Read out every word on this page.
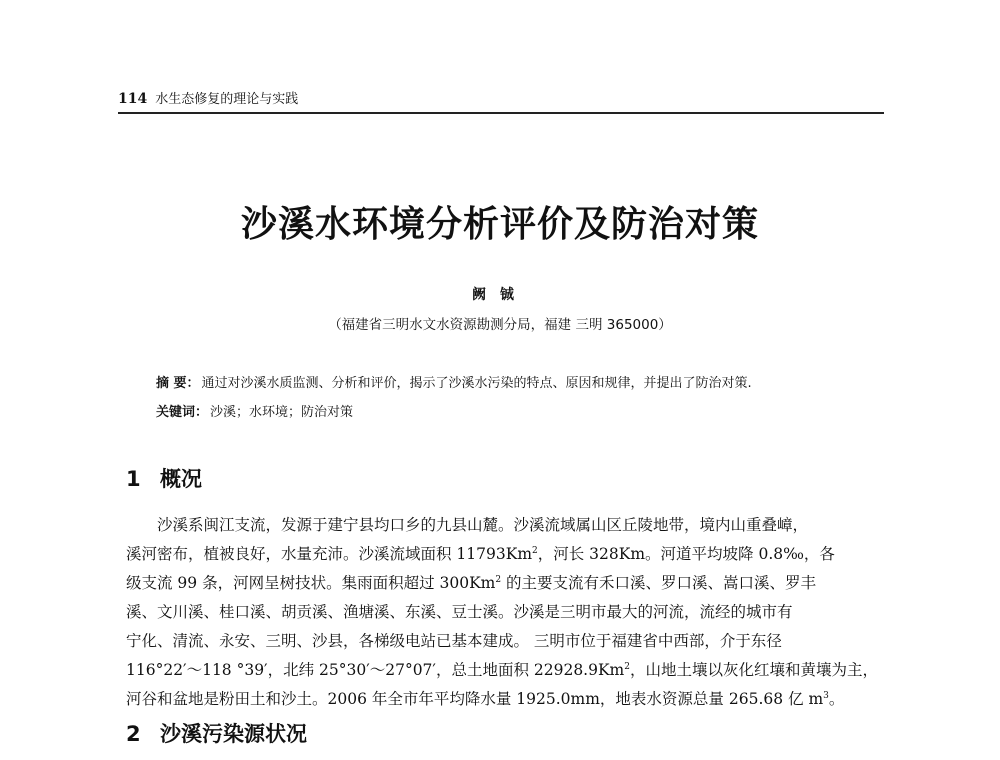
114 水生态修复的理论与实践
沙溪水环境分析评价及防治对策
阙铖
（福建省三明水文水资源勘测分局，福建 三明 365000）
摘 要： 通过对沙溪水质监测、分析和评价，揭示了沙溪水污染的特点、原因和规律，并提出了防治对策.
关键词： 沙溪；水环境；防治对策
1 概况
沙溪系闽江支流，发源于建宁县均口乡的九县山麓。沙溪流域属山区丘陵地带，境内山重叠嶂，
溪河密布，植被良好，水量充沛。沙溪流域面积 11793Km$^2$，河长 328Km。河道平均坡降 0.8‰，各
级支流 99 条，河网呈树技状。集雨面积超过 300Km$^2$ 的主要支流有禾口溪、罗口溪、嵩口溪、罗丰
溪、文川溪、桂口溪、胡贡溪、渔塘溪、东溪、豆士溪。沙溪是三明市最大的河流，流经的城市有
宁化、清流、永安、三明、沙县，各梯级电站已基本建成。 三明市位于福建省中西部，介于东径
116°22′～118 °39′，北纬 25°30′～27°07′，总土地面积 22928.9Km$^2$，山地土壤以灰化红壤和黄壤为主，
河谷和盆地是粉田土和沙土。2006 年全市年平均降水量 1925.0mm，地表水资源总量 265.68 亿 $m^3$。
2 沙溪污染源状况
